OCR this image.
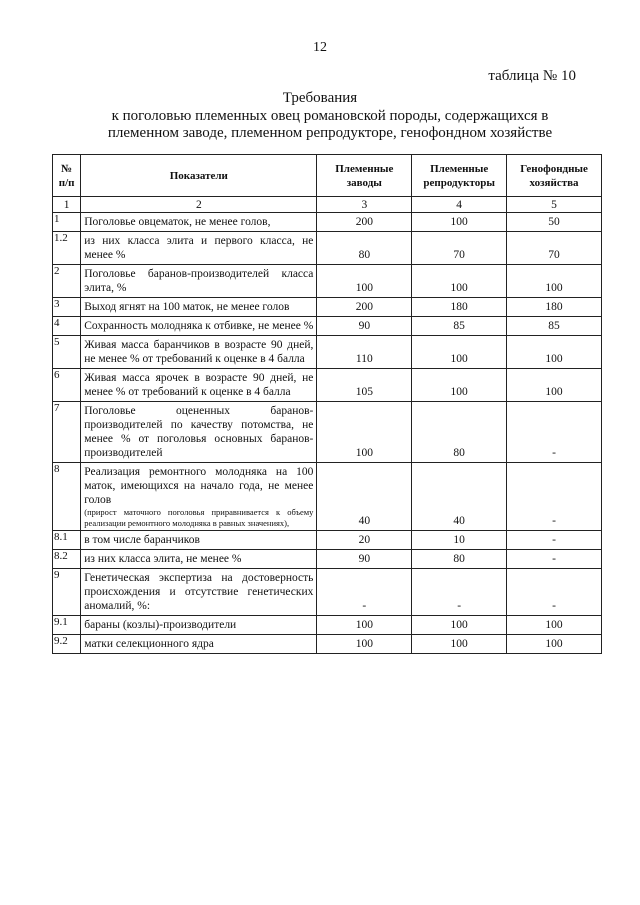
12
таблица № 10
Требования
к поголовью племенных овец романовской породы, содержащихся в племенном заводе, племенном репродукторе, генофондном хозяйстве
№ п/п	Показатели	Племенные заводы	Племенные репродукторы	Генофондные хозяйства
1	2	3	4	5
1	Поголовье овцематок, не менее голов,	200	100	50
1.2	из них класса элита и первого класса, не менее %	80	70	70
2	Поголовье баранов-производителей класса элита, %	100	100	100
3	Выход ягнят на 100 маток, не менее голов	200	180	180
4	Сохранность молодняка к отбивке, не менее %	90	85	85
5	Живая масса баранчиков в возрасте 90 дней, не менее % от требований к оценке в 4 балла	110	100	100
6	Живая масса ярочек в возрасте 90 дней, не менее % от требований к оценке в 4 балла	105	100	100
7	Поголовье оцененных баранов-производителей по качеству потомства, не менее % от поголовья основных баранов-производителей	100	80	-
8	Реализация ремонтного молодняка на 100 маток, имеющихся на начало года, не менее голов
(прирост маточного поголовья приравнивается к объему реализации ремонтного молодняка в равных значениях),	40	40	-
8.1	в том числе баранчиков	20	10	-
8.2	из них класса элита, не менее %	90	80	-
9	Генетическая экспертиза на достоверность происхождения и отсутствие генетических аномалий, %:	-	-	-
9.1	бараны (козлы)-производители	100	100	100
9.2	матки селекционного ядра	100	100	100
